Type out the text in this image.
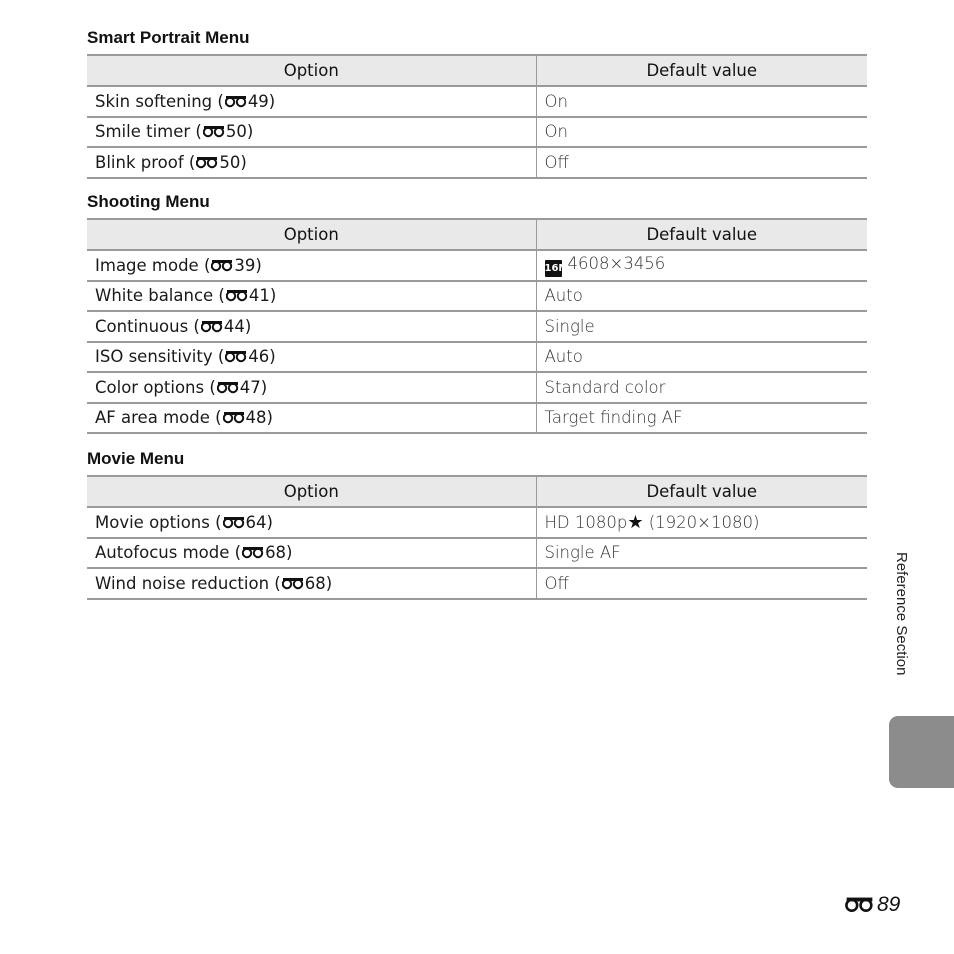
Smart Portrait Menu
Option	Default value
Skin softening ( 49)	On
Smile timer ( 50)	On
Blink proof ( 50)	Off
Shooting Menu
Option	Default value
Image mode ( 39)	16M4608×3456
White balance ( 41)	Auto
Continuous ( 44)	Single
ISO sensitivity ( 46)	Auto
Color options ( 47)	Standard color
AF area mode ( 48)	Target finding AF
Movie Menu
Option	Default value
Movie options ( 64)	HD 1080p★ (1920×1080)
Autofocus mode ( 68)	Single AF
Wind noise reduction ( 68)	Off	Reference Section
89
